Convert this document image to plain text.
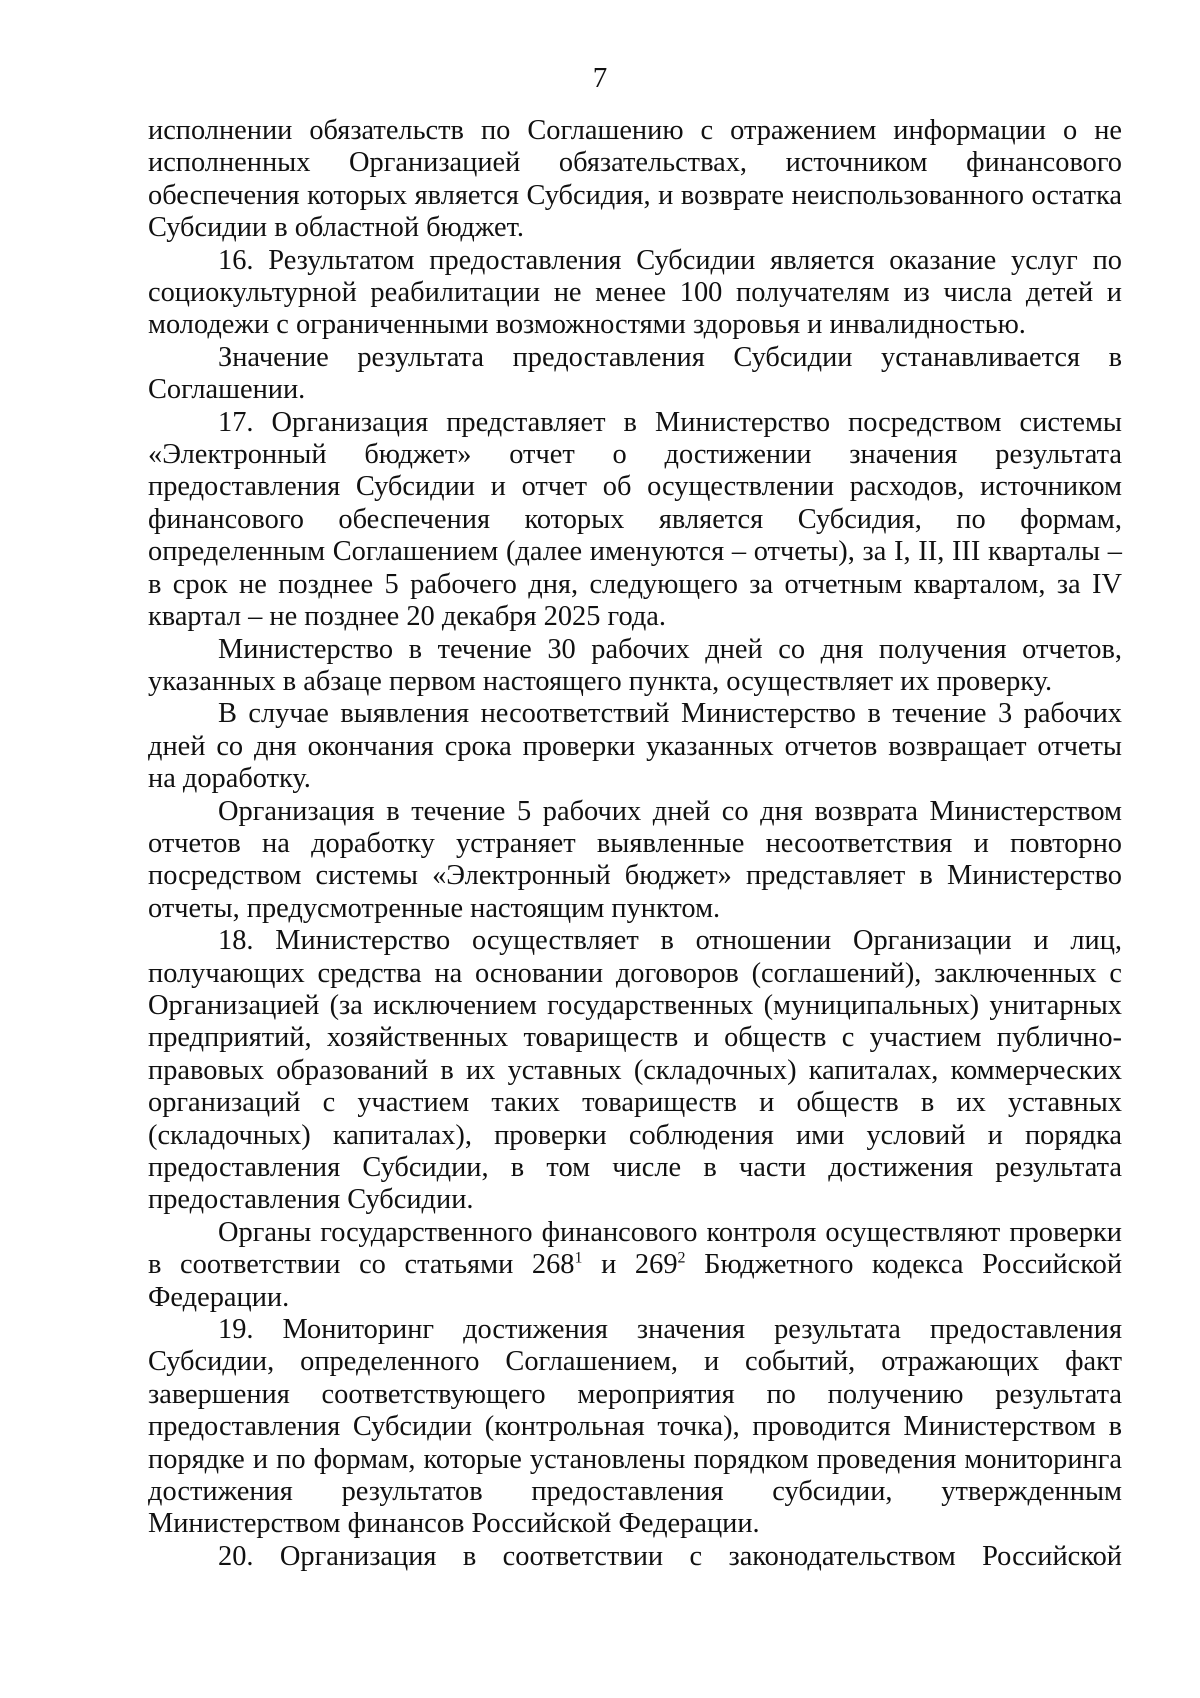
7

исполнении обязательств по Соглашению с отражением информации о не исполненных Организацией обязательствах, источником финансового обеспечения которых является Субсидия, и возврате неиспользованного остатка Субсидии в областной бюджет.

16. Результатом предоставления Субсидии является оказание услуг по социокультурной реабилитации не менее 100 получателям из числа детей и молодежи с ограниченными возможностями здоровья и инвалидностью.

Значение результата предоставления Субсидии устанавливается в Соглашении.

17. Организация представляет в Министерство посредством системы «Электронный бюджет» отчет о достижении значения результата предоставления Субсидии и отчет об осуществлении расходов, источником финансового обеспечения которых является Субсидия, по формам, определенным Соглашением (далее именуются – отчеты), за I, II, III кварталы – в срок не позднее 5 рабочего дня, следующего за отчетным кварталом, за IV квартал – не позднее 20 декабря 2025 года.

Министерство в течение 30 рабочих дней со дня получения отчетов, указанных в абзаце первом настоящего пункта, осуществляет их проверку.

В случае выявления несоответствий Министерство в течение 3 рабочих дней со дня окончания срока проверки указанных отчетов возвращает отчеты на доработку.

Организация в течение 5 рабочих дней со дня возврата Министерством отчетов на доработку устраняет выявленные несоответствия и повторно посредством системы «Электронный бюджет» представляет в Министерство отчеты, предусмотренные настоящим пунктом.

18. Министерство осуществляет в отношении Организации и лиц, получающих средства на основании договоров (соглашений), заключенных с Организацией (за исключением государственных (муниципальных) унитарных предприятий, хозяйственных товариществ и обществ с участием публично-правовых образований в их уставных (складочных) капиталах, коммерческих организаций с участием таких товариществ и обществ в их уставных (складочных) капиталах), проверки соблюдения ими условий и порядка предоставления Субсидии, в том числе в части достижения результата предоставления Субсидии.

Органы государственного финансового контроля осуществляют проверки в соответствии со статьями $268^1$ и $269^2$ Бюджетного кодекса Российской Федерации.

19. Мониторинг достижения значения результата предоставления Субсидии, определенного Соглашением, и событий, отражающих факт завершения соответствующего мероприятия по получению результата предоставления Субсидии (контрольная точка), проводится Министерством в порядке и по формам, которые установлены порядком проведения мониторинга достижения результатов предоставления субсидии, утвержденным Министерством финансов Российской Федерации.

20. Организация в соответствии с законодательством Российской
